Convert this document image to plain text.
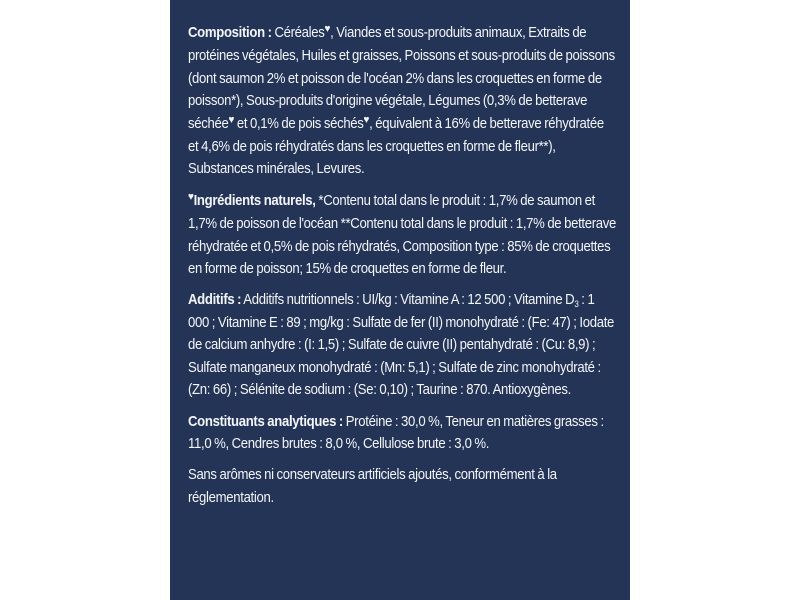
Composition : Céréales♥, Viandes et sous-produits animaux, Extraits de protéines végétales, Huiles et graisses, Poissons et sous-produits de poissons (dont saumon 2% et poisson de l'océan 2% dans les croquettes en forme de poisson*), Sous-produits d'origine végétale, Légumes (0,3% de betterave séchée♥ et 0,1% de pois séchés♥, équivalent à 16% de betterave réhydratée et 4,6% de pois réhydratés dans les croquettes en forme de fleur**), Substances minérales, Levures.

♥Ingrédients naturels, *Contenu total dans le produit : 1,7% de saumon et 1,7% de poisson de l'océan **Contenu total dans le produit : 1,7% de betterave réhydratée et 0,5% de pois réhydratés, Composition type : 85% de croquettes en forme de poisson; 15% de croquettes en forme de fleur.

Additifs : Additifs nutritionnels : UI/kg : Vitamine A : 12 500 ; Vitamine $D_3$ : 1 000 ; Vitamine E : 89 ; mg/kg : Sulfate de fer (II) monohydraté : (Fe: 47) ; Iodate de calcium anhydre : (I: 1,5) ; Sulfate de cuivre (II) pentahydraté : (Cu: 8,9) ; Sulfate manganeux monohydraté : (Mn: 5,1) ; Sulfate de zinc monohydraté : (Zn: 66) ; Sélénite de sodium : (Se: 0,10) ; Taurine : 870. Antioxygènes.

Constituants analytiques : Protéine : 30,0 %, Teneur en matières grasses : 11,0 %, Cendres brutes : 8,0 %, Cellulose brute : 3,0 %.

Sans arômes ni conservateurs artificiels ajoutés, conformément à la réglementation.
